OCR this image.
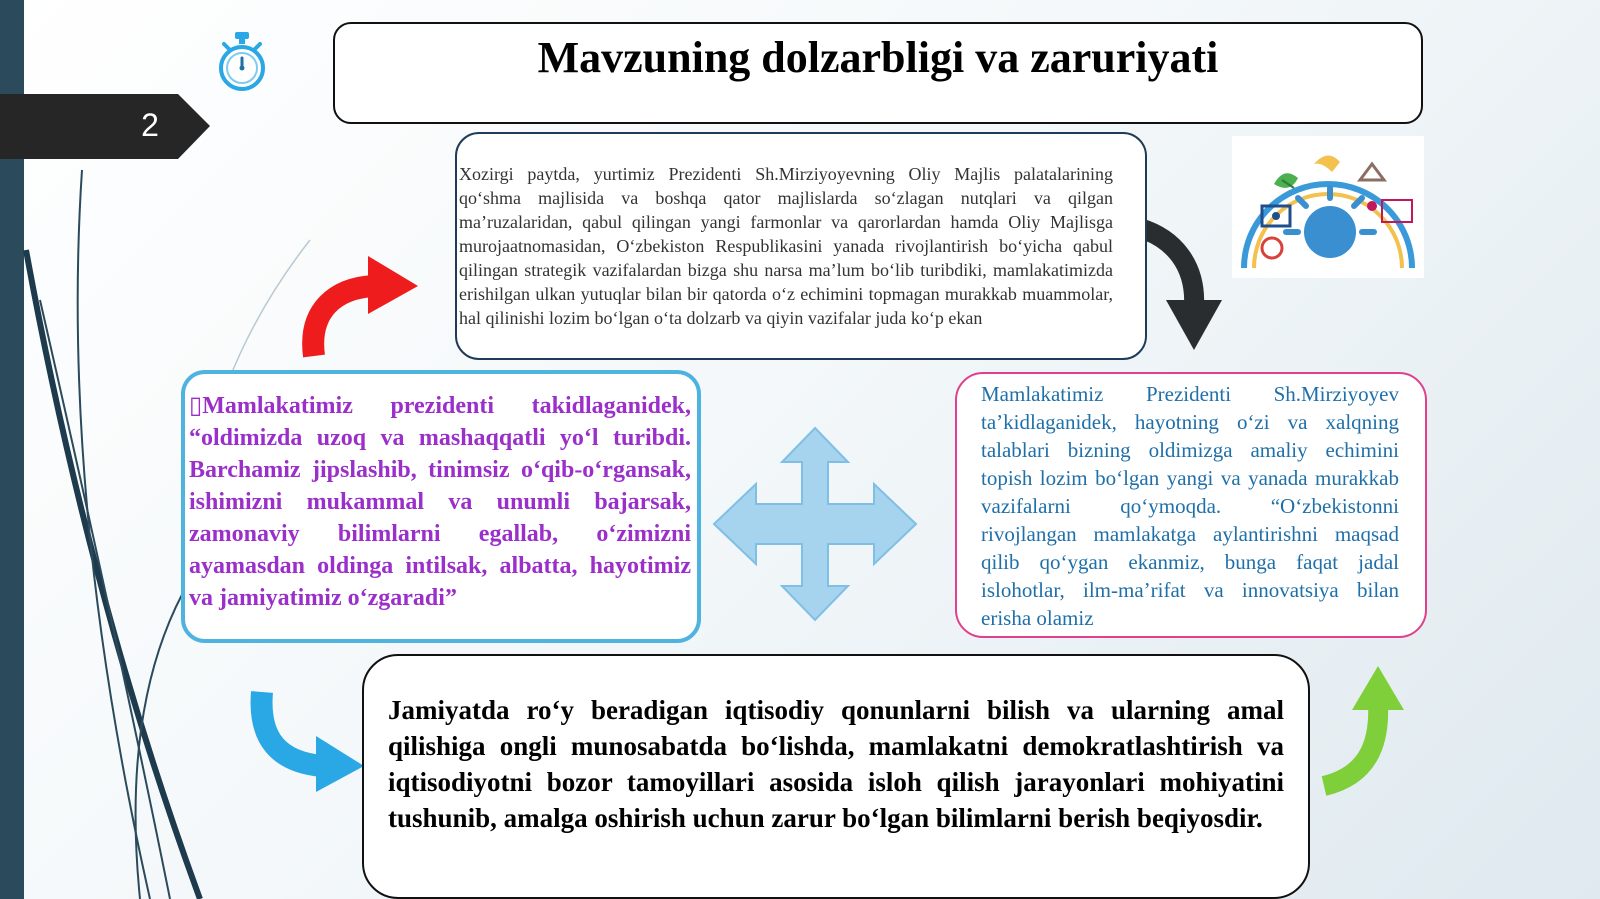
2
Mavzuning dolzarbligi va zaruriyati
Xozirgi paytda, yurtimiz Prezidenti Sh.Mirziyoyevning Oliy Majlis palatalarining qo‘shma majlisida va boshqa qator majlislarda so‘zlagan nutqlari va qilgan ma’ruzalaridan, qabul qilingan yangi farmonlar va qarorlardan hamda Oliy Majlisga murojaatnomasidan, O‘zbekiston Respublikasini yanada rivojlantirish bo‘yicha qabul qilingan strategik vazifalardan bizga shu narsa ma’lum bo‘lib turibdiki, mamlakatimizda erishilgan ulkan yutuqlar bilan bir qatorda o‘z echimini topmagan murakkab muammolar, hal qilinishi lozim bo‘lgan o‘ta dolzarb va qiyin vazifalar juda ko‘p ekan
▯Mamlakatimiz prezidenti takidlaganidek, “oldimizda uzoq va mashaqqatli yo‘l turibdi. Barchamiz jipslashib, tinimsiz o‘qib-o‘rgansak, ishimizni mukammal va unumli bajarsak, zamonaviy bilimlarni egallab, o‘zimizni ayamasdan oldinga intilsak, albatta, hayotimiz va jamiyatimiz o‘zgaradi”
Mamlakatimiz Prezidenti Sh.Mirziyoyev ta’kidlaganidek, hayotning o‘zi va xalqning talablari bizning oldimizga amaliy echimini topish lozim bo‘lgan yangi va yanada murakkab vazifalarni qo‘ymoqda. “O‘zbekistonni rivojlangan mamlakatga aylantirishni maqsad qilib qo‘ygan ekanmiz, bunga faqat jadal islohotlar, ilm-ma’rifat va innovatsiya bilan erisha olamiz
Jamiyatda ro‘y beradigan iqtisodiy qonunlarni bilish va ularning amal qilishiga ongli munosabatda bo‘lishda, mamlakatni demokratlashtirish va iqtisodiyotni bozor tamoyillari asosida isloh qilish jarayonlari mohiyatini tushunib, amalga oshirish uchun zarur bo‘lgan bilimlarni berish beqiyosdir.
